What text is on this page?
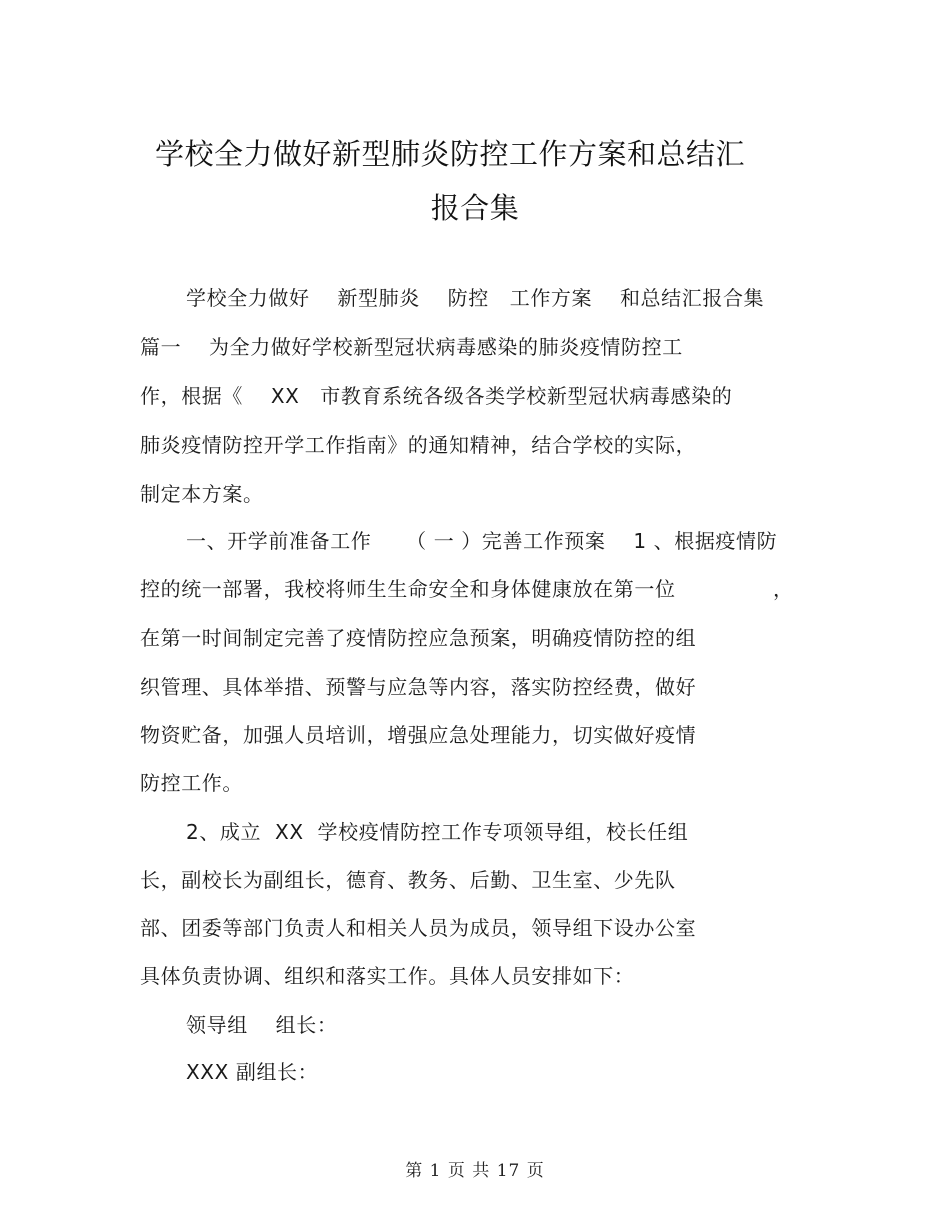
学校全力做好新型肺炎防控工作方案和总结汇
报合集
学校全力做好    新型肺炎    防控   工作方案    和总结汇报合集
篇一    为全力做好学校新型冠状病毒感染的肺炎疫情防控工
作，根据《    XX   市教育系统各级各类学校新型冠状病毒感染的
肺炎疫情防控开学工作指南》的通知精神，结合学校的实际，
制定本方案。
一、开学前准备工作     （ 一 ）完善工作预案    1 、根据疫情防
控的统一部署，我校将师生生命安全和身体健康放在第一位              ，
在第一时间制定完善了疫情防控应急预案，明确疫情防控的组
织管理、具体举措、预警与应急等内容，落实防控经费，做好
物资贮备，加强人员培训，增强应急处理能力，切实做好疫情
防控工作。
2、成立  XX  学校疫情防控工作专项领导组，校长任组
长，副校长为副组长，德育、教务、后勤、卫生室、少先队
部、团委等部门负责人和相关人员为成员，领导组下设办公室
具体负责协调、组织和落实工作。具体人员安排如下：
领导组    组长：
XXX 副组长：
第 1 页 共 17 页
